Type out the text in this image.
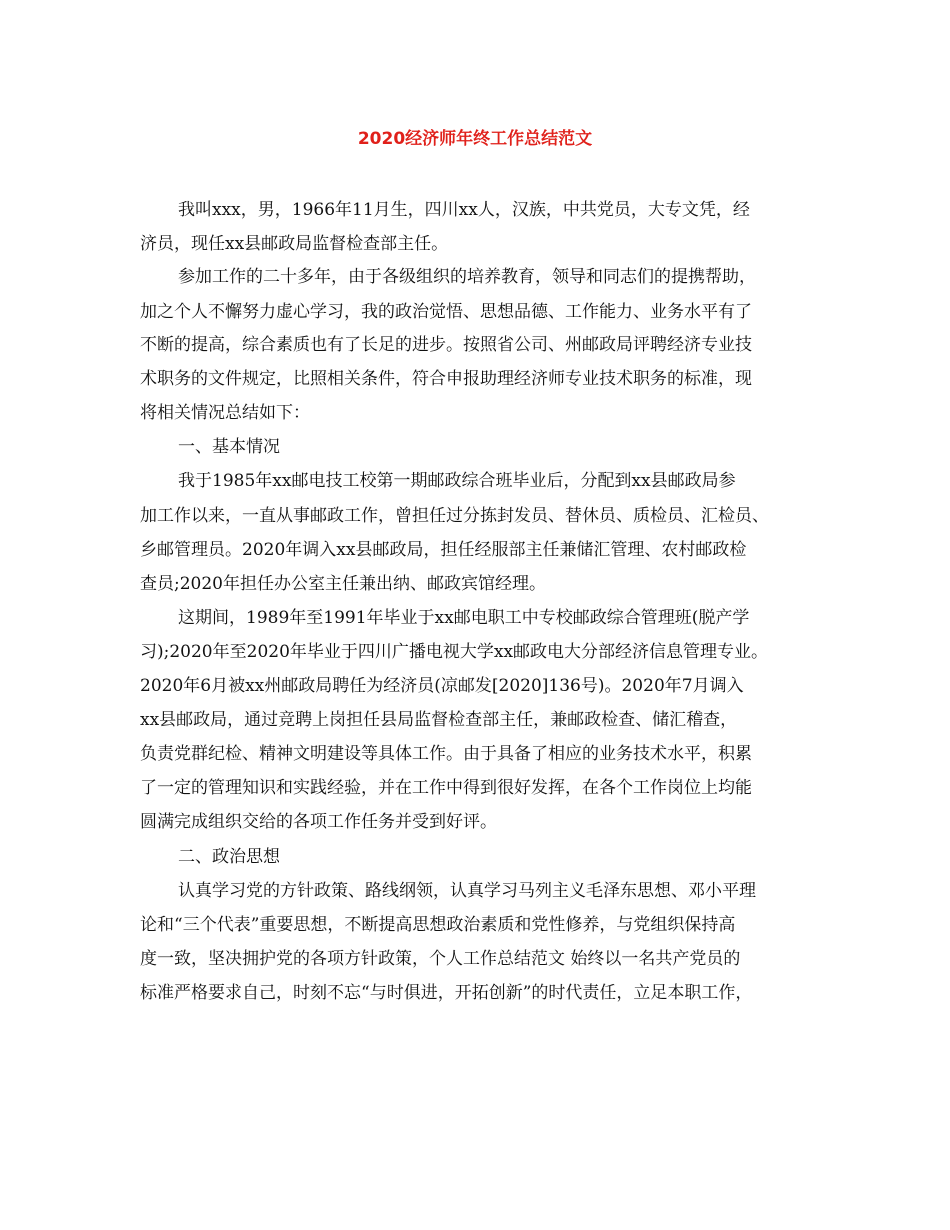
2020经济师年终工作总结范文

我叫xxx，男，1966年11月生，四川xx人，汉族，中共党员，大专文凭，经

济员，现任xx县邮政局监督检查部主任。

参加工作的二十多年，由于各级组织的培养教育，领导和同志们的提携帮助，

加之个人不懈努力虚心学习，我的政治觉悟、思想品德、工作能力、业务水平有了

不断的提高，综合素质也有了长足的进步。按照省公司、州邮政局评聘经济专业技

术职务的文件规定，比照相关条件，符合申报助理经济师专业技术职务的标准，现

将相关情况总结如下：

一、基本情况

我于1985年xx邮电技工校第一期邮政综合班毕业后，分配到xx县邮政局参

加工作以来，一直从事邮政工作，曾担任过分拣封发员、替休员、质检员、汇检员、

乡邮管理员。2020年调入xx县邮政局，担任经服部主任兼储汇管理、农村邮政检

查员;2020年担任办公室主任兼出纳、邮政宾馆经理。

这期间，1989年至1991年毕业于xx邮电职工中专校邮政综合管理班(脱产学

习);2020年至2020年毕业于四川广播电视大学xx邮政电大分部经济信息管理专业。

2020年6月被xx州邮政局聘任为经济员(凉邮发[2020]136号)。2020年7月调入

xx县邮政局，通过竞聘上岗担任县局监督检查部主任，兼邮政检查、储汇稽查，

负责党群纪检、精神文明建设等具体工作。由于具备了相应的业务技术水平，积累

了一定的管理知识和实践经验，并在工作中得到很好发挥，在各个工作岗位上均能

圆满完成组织交给的各项工作任务并受到好评。

二、政治思想

认真学习党的方针政策、路线纲领，认真学习马列主义毛泽东思想、邓小平理

论和“三个代表”重要思想，不断提高思想政治素质和党性修养，与党组织保持高

度一致，坚决拥护党的各项方针政策，个人工作总结范文 始终以一名共产党员的

标准严格要求自己，时刻不忘“与时俱进，开拓创新”的时代责任，立足本职工作，
